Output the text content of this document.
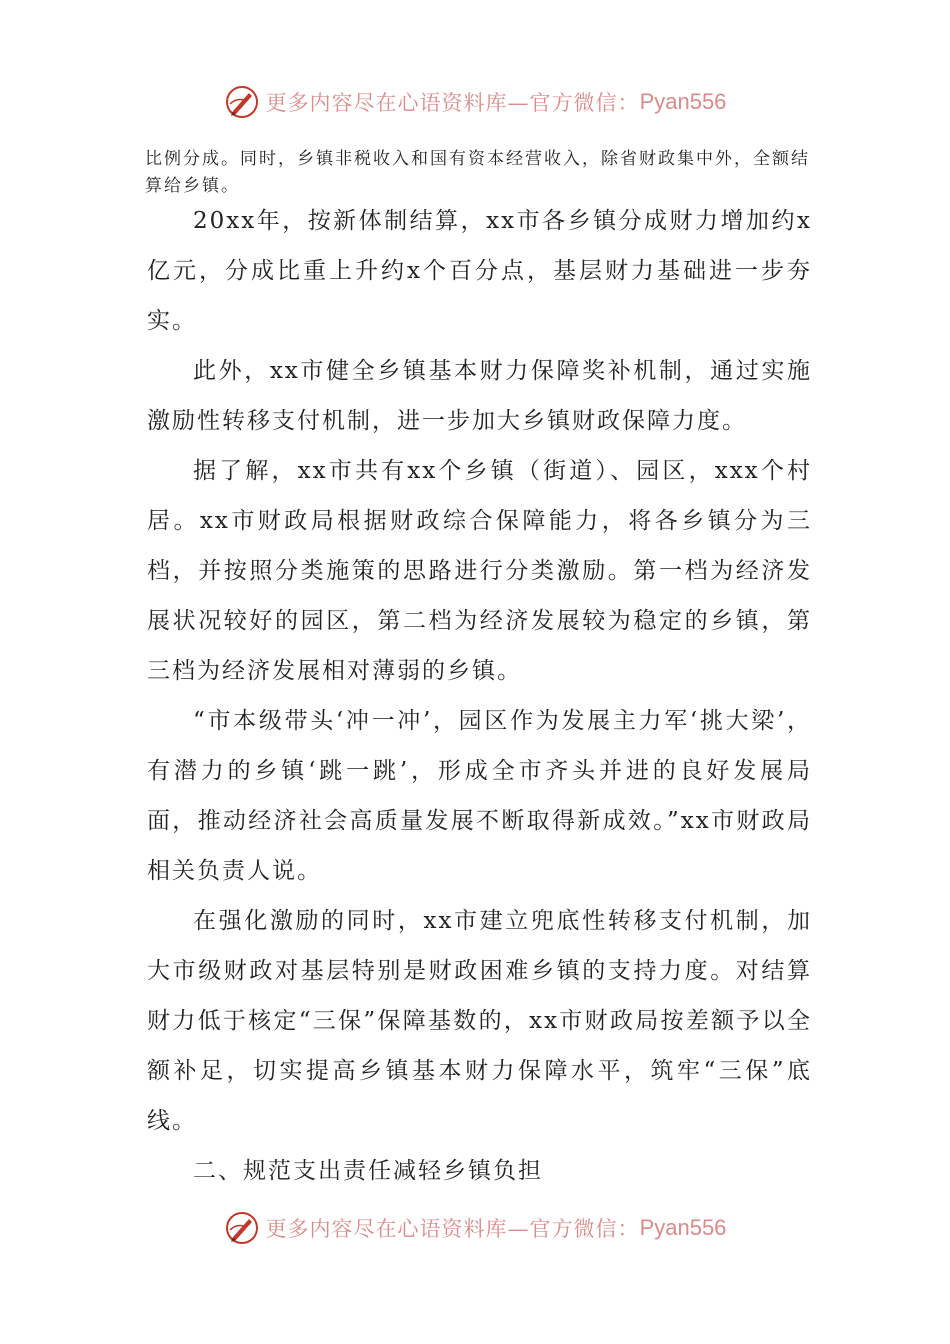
更多内容尽在心语资料库—官方微信： Pyan556
比例分成。同时，乡镇非税收入和国有资本经营收入，除省财政集中外，全额结算给乡镇。

20xx年，按新体制结算，xx市各乡镇分成财力增加约x亿元，分成比重上升约x个百分点，基层财力基础进一步夯实。

此外，xx市健全乡镇基本财力保障奖补机制，通过实施激励性转移支付机制，进一步加大乡镇财政保障力度。

据了解，xx市共有xx个乡镇（街道）、园区，xxx个村居。xx市财政局根据财政综合保障能力，将各乡镇分为三档，并按照分类施策的思路进行分类激励。第一档为经济发展状况较好的园区，第二档为经济发展较为稳定的乡镇，第三档为经济发展相对薄弱的乡镇。

“市本级带头‘冲一冲’，园区作为发展主力军‘挑大梁’，有潜力的乡镇‘跳一跳’，形成全市齐头并进的良好发展局面，推动经济社会高质量发展不断取得新成效。”xx市财政局相关负责人说。

在强化激励的同时，xx市建立兜底性转移支付机制，加大市级财政对基层特别是财政困难乡镇的支持力度。对结算财力低于核定“三保”保障基数的，xx市财政局按差额予以全额补足，切实提高乡镇基本财力保障水平，筑牢“三保”底线。

二、规范支出责任减轻乡镇负担

更多内容尽在心语资料库—官方微信： Pyan556
